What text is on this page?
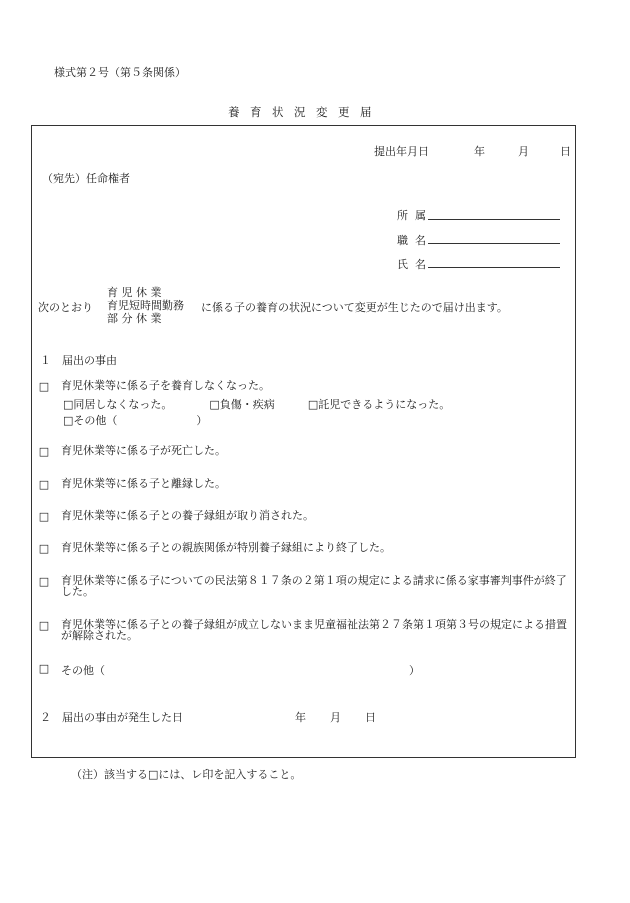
様式第２号（第５条関係）
養育状況変更届
提出年月日	年	月	日
（宛先）任命権者
所属
職名
氏名
次のとおり
育 児 休 業
育児短時間勤務
部 分 休 業
に係る子の養育の状況について変更が生じたので届け出ます。
１　届出の事由
□ 育児休業等に係る子を養育しなくなった。
□同居しなくなった。	□負傷・疾病	□託児できるようになった。
□その他（	）
□ 育児休業等に係る子が死亡した。
□ 育児休業等に係る子と離縁した。
□ 育児休業等に係る子との養子縁組が取り消された。
□ 育児休業等に係る子との親族関係が特別養子縁組により終了した。
□ 育児休業等に係る子についての民法第８１７条の２第１項の規定による請求に係る家事審判事件が終了した。
□ 育児休業等に係る子との養子縁組が成立しないまま児童福祉法第２７条第１項第３号の規定による措置が解除された。
□ その他（	）
２　届出の事由が発生した日	年 月 日
（注）該当する□には、レ印を記入すること。
